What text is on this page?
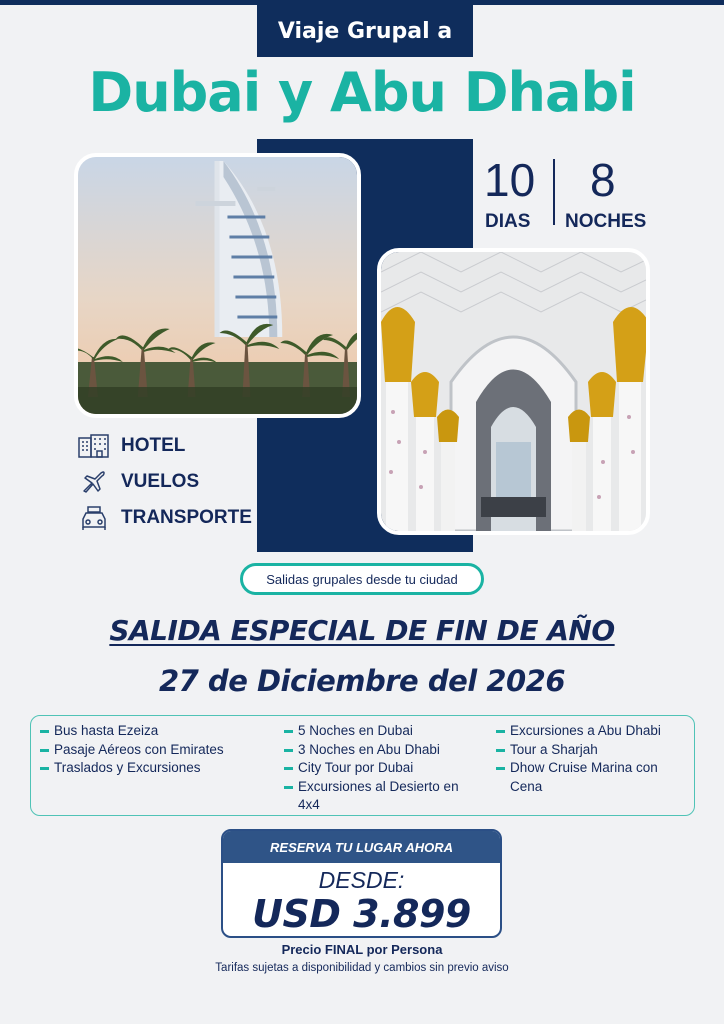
Viaje Grupal a
Dubai y Abu Dhabi
10
DIAS
8
NOCHES
HOTEL
VUELOS
TRANSPORTE
Salidas grupales desde tu ciudad
SALIDA ESPECIAL DE FIN DE AÑO
27 de Diciembre del 2026
Bus hasta Ezeiza
Pasaje Aéreos con Emirates
Traslados y Excursiones
5 Noches en Dubai
3 Noches en Abu Dhabi
City Tour por Dubai
Excursiones al Desierto en 4x4
Excursiones a Abu Dhabi
Tour a Sharjah
Dhow Cruise Marina con Cena
RESERVA TU LUGAR AHORA
DESDE:
USD 3.899
Precio FINAL por Persona
Tarifas sujetas a disponibilidad y cambios sin previo aviso
